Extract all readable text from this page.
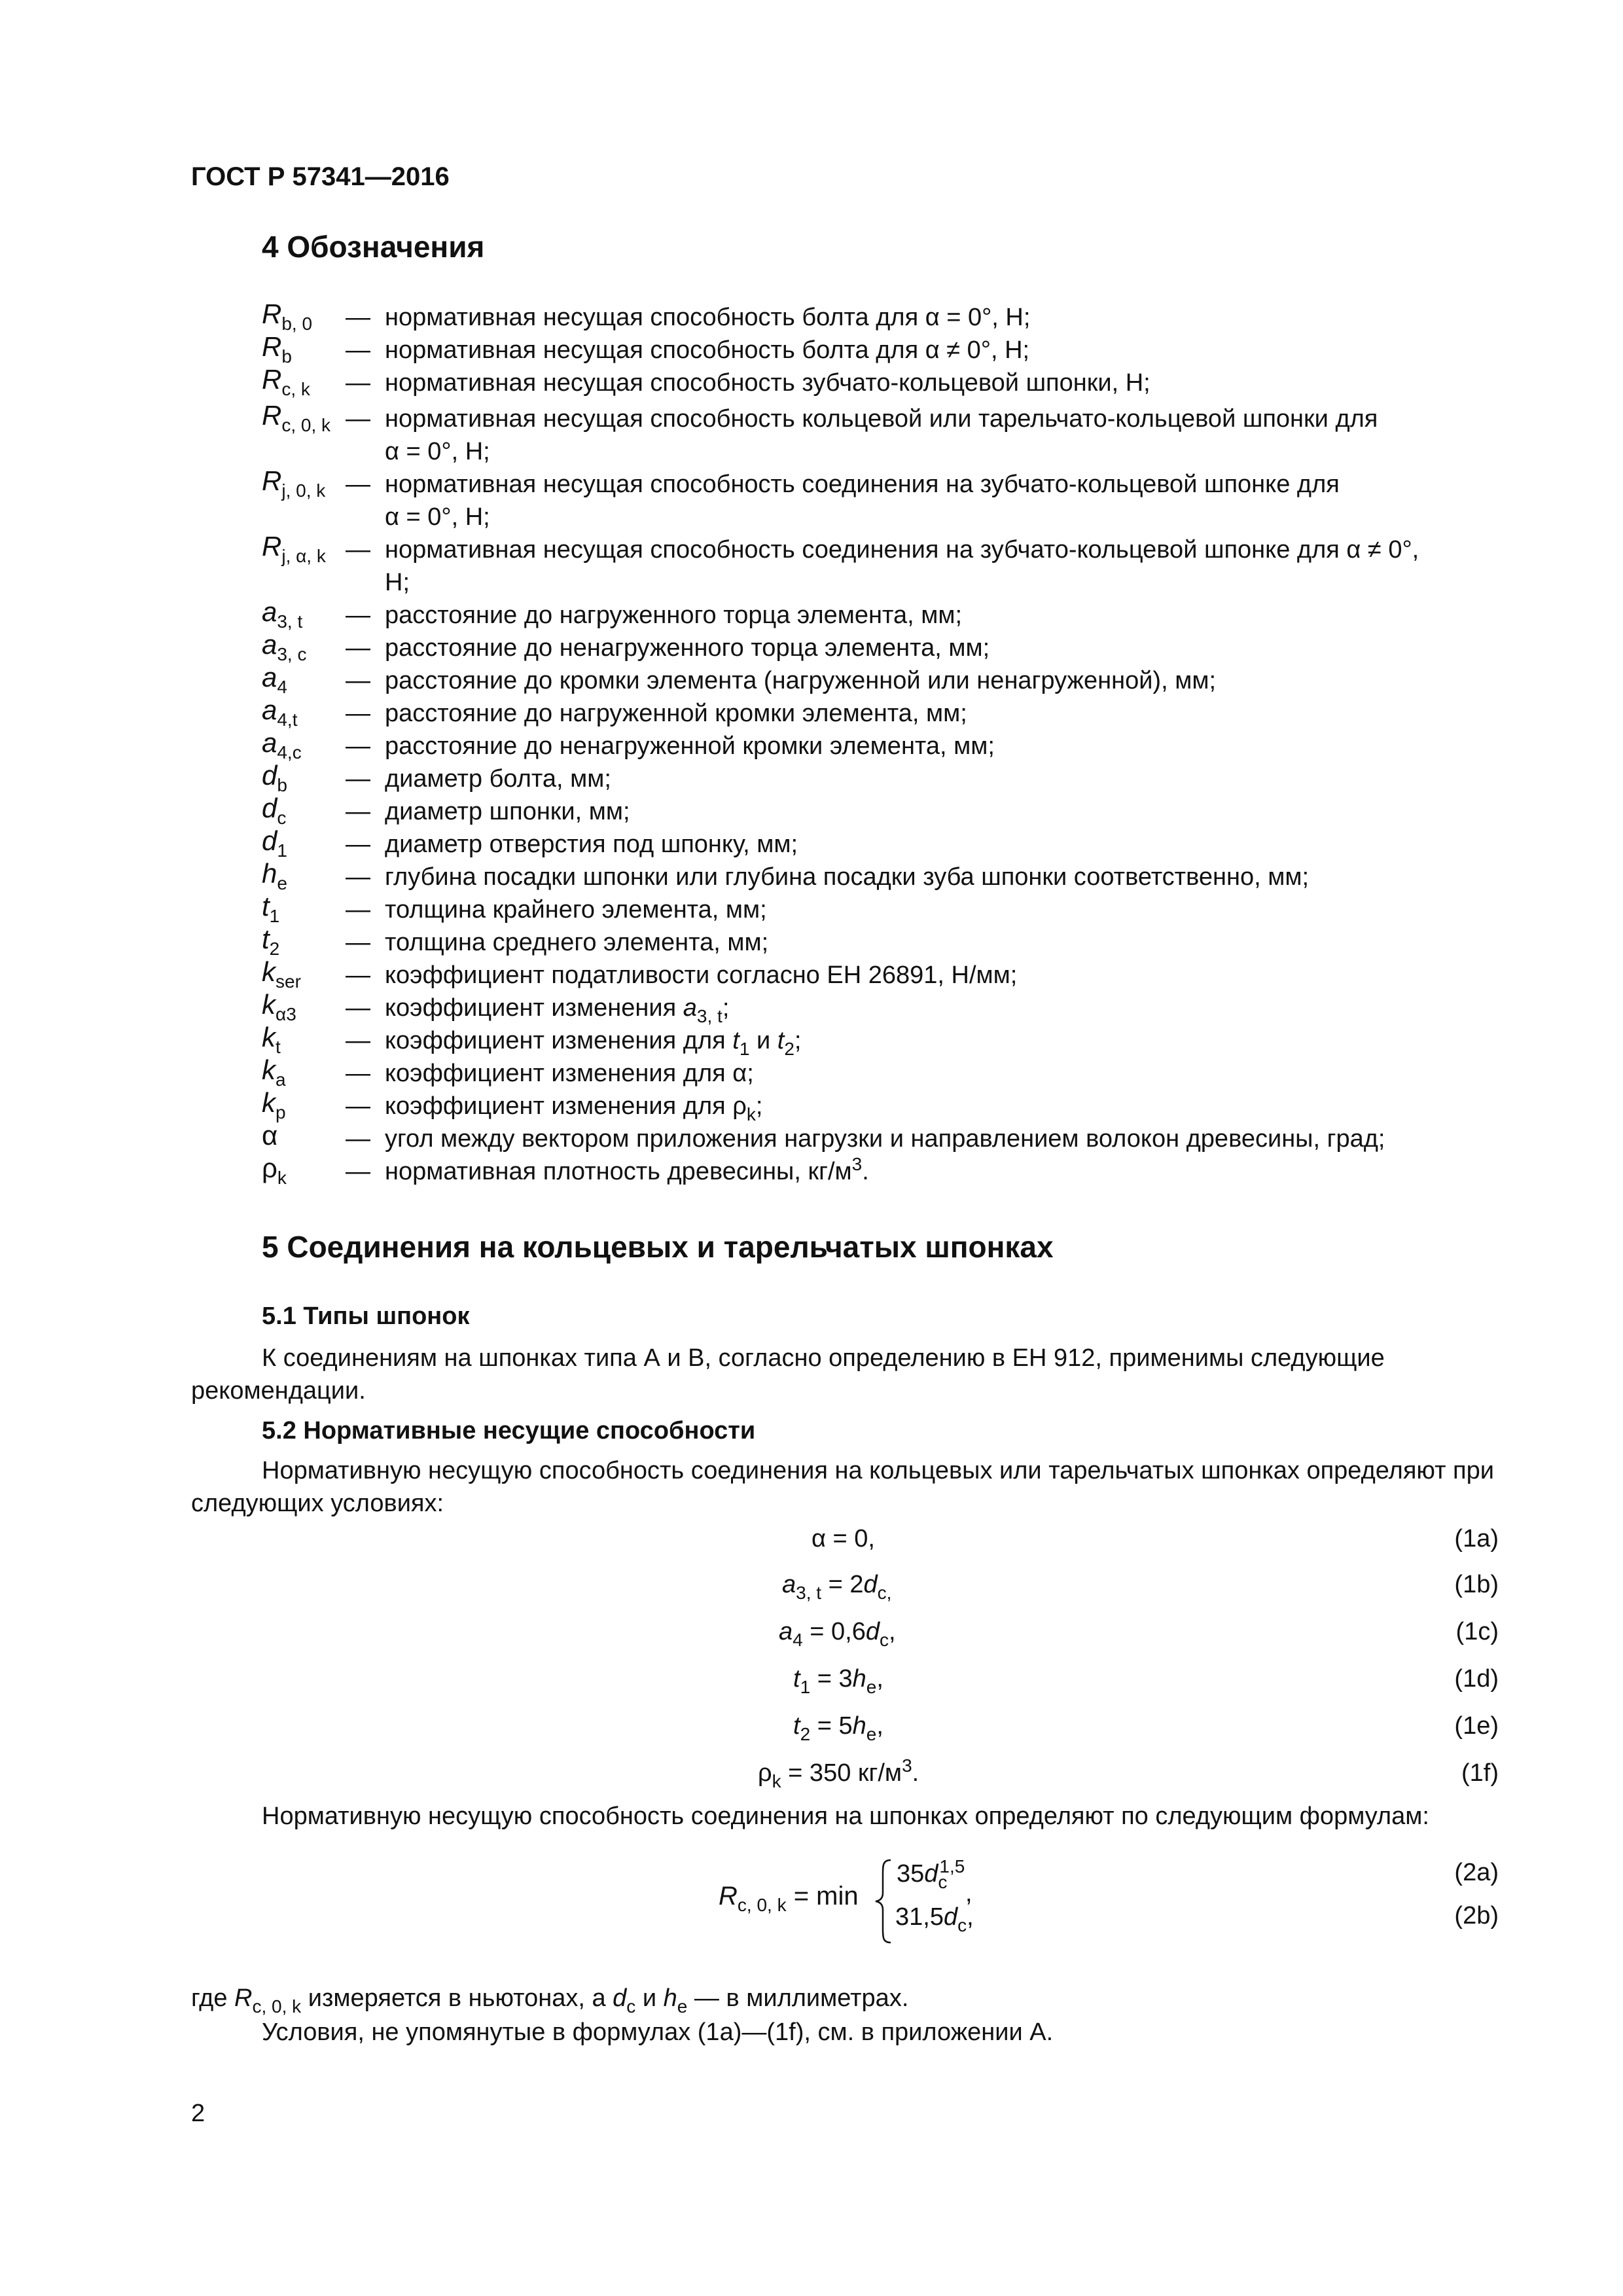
ГОСТ Р 57341—2016
4 Обозначения
$R_{b, 0}$ — нормативная несущая способность болта для α = 0°, Н;
$R_b$ — нормативная несущая способность болта для α ≠ 0°, Н;
$R_{c, k}$ — нормативная несущая способность зубчато-кольцевой шпонки, Н;
$R_{c, 0, k}$ — нормативная несущая способность кольцевой или тарельчато-кольцевой шпонки для
α = 0°, Н;
$R_{j, 0, k}$ — нормативная несущая способность соединения на зубчато-кольцевой шпонке для
α = 0°, Н;
$R_{j, \alpha, k}$ — нормативная несущая способность соединения на зубчато-кольцевой шпонке для α ≠ 0°,
Н;
$a_{3, t}$ — расстояние до нагруженного торца элемента, мм;
$a_{3, c}$ — расстояние до ненагруженного торца элемента, мм;
$a_4$ — расстояние до кромки элемента (нагруженной или ненагруженной), мм;
$a_{4,t}$ — расстояние до нагруженной кромки элемента, мм;
$a_{4,c}$ — расстояние до ненагруженной кромки элемента, мм;
$d_b$ — диаметр болта, мм;
$d_c$ — диаметр шпонки, мм;
$d_1$ — диаметр отверстия под шпонку, мм;
$h_e$ — глубина посадки шпонки или глубина посадки зуба шпонки соответственно, мм;
$t_1$	— толщина крайнего элемента, мм;
$t_2$	— толщина среднего элемента, мм;
$k_{ser}$ — коэффициент податливости согласно ЕН 26891, Н/мм;
$k_{\alpha 3}$ — коэффициент изменения $a_{3, t}$;
$k_t$	— коэффициент изменения для $t_1$ и $t_2$;
$k_a$ — коэффициент изменения для α;
$k_p$ — коэффициент изменения для $\rho_k$;
α	— угол между вектором приложения нагрузки и направлением волокон древесины, град;
$\rho_k$ — нормативная плотность древесины, $кг/м^3$.
5 Соединения на кольцевых и тарельчатых шпонках
5.1 Типы шпонок
К соединениям на шпонках типа А и В, согласно определению в ЕН 912, применимы следующие рекомендации.
5.2 Нормативные несущие способности
Нормативную несущую способность соединения на кольцевых или тарельчатых шпонках определяют при следующих условиях:
α = 0,	(1a)
$a_{3, t} = 2d_{c,}$	(1b)
$a_4 = 0,6d_c$,	(1c)
$t_1 = 3h_e$,	(1d)
$t_2 = 5h_e$,	(1e)
$\rho_k = 350$ $кг/м^3$.	(1f)
Нормативную несущую способность соединения на шпонках определяют по следующим формулам:
$R_{c, 0, k} = \min$
$35d_c^{1,5}$
,
$31,5d_c$,
(2a)
(2b)
где $R_{c, 0, k}$ измеряется в ньютонах, а $d_c$ и $h_e$ — в миллиметрах.
Условия, не упомянутые в формулах (1a)—(1f), см. в приложении А.
2
